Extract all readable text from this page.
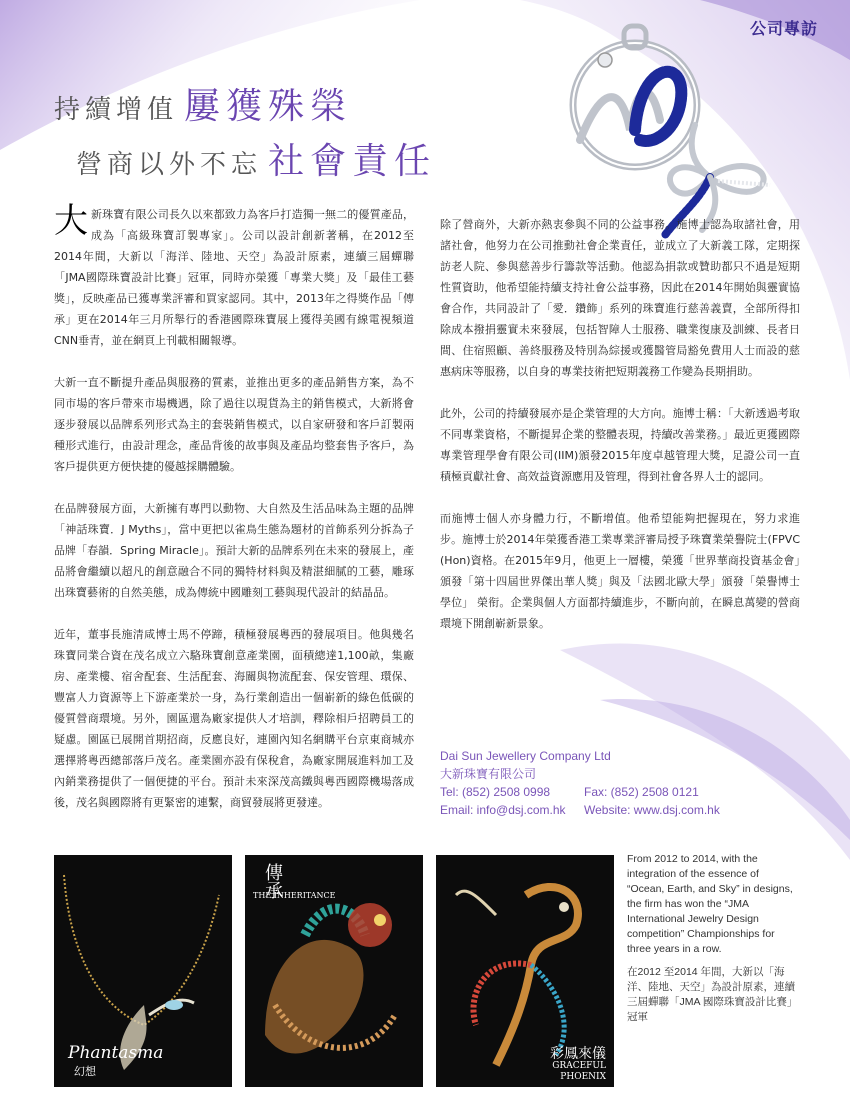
公司專訪
持續增值 屢獲殊榮
營商以外不忘 社會責任

大新珠寶有限公司長久以來都致力為客戶打造獨一無二的優質產品，成為「高級珠寶訂製專家」。公司以設計創新著稱，在2012至2014年間，大新以「海洋、陸地、天空」為設計原素，連續三屆蟬聯「JMA國際珠寶設計比賽」冠軍，同時亦榮獲「專業大獎」及「最佳工藝獎」，反映產品已獲專業評審和買家認同。其中，2013年之得獎作品「傳承」更在2014年三月所舉行的香港國際珠寶展上獲得美國有線電視頻道CNN垂青，並在網頁上刊載相關報導。

大新一直不斷提升產品與服務的質素，並推出更多的產品銷售方案，為不同市場的客戶帶來市場機遇，除了過往以現貨為主的銷售模式，大新將會逐步發展以品牌系列形式為主的套裝銷售模式，以自家研發和客戶訂製兩種形式進行，由設計理念，產品背後的故事與及產品均整套售予客戶，為客戶提供更方便快捷的優越採購體驗。

在品牌發展方面，大新擁有專門以動物、大自然及生活品味為主題的品牌「神話珠寶．J Myths」，當中更把以雀鳥生態為題材的首飾系列分拆為子品牌「春韻．Spring Miracle」。預計大新的品牌系列在未來的發展上，產品將會繼續以超凡的創意融合不同的獨特材料與及精湛細膩的工藝，雕琢出珠寶藝術的自然美態，成為傳統中國雕刻工藝與現代設計的結晶品。

近年，董事長施清咸博士馬不停蹄，積極發展粵西的發展項目。他與幾名珠寶同業合資在茂名成立六駱珠寶創意產業園，面積總達1,100畝，集廠房、產業樓、宿舍配套、生活配套、海關與物流配套、保安管理、環保、豐富人力資源等上下游產業於一身，為行業創造出一個嶄新的綠色低碳的優質營商環境。另外，園區還為廠家提供人才培訓，釋除相戶招聘員工的疑慮。園區已展開首期招商，反應良好，連園內知名網購平台京東商城亦選擇將粵西總部落戶茂名。產業園亦設有保稅倉，為廠家開展進料加工及內銷業務提供了一個便捷的平台。預計未來深茂高鐵與粵西國際機場落成後，茂名與國際將有更緊密的連繫，商貿發展將更發達。

除了營商外，大新亦熱衷參與不同的公益事務。施博士認為取諸社會，用諸社會，他努力在公司推動社會企業責任，並成立了大新義工隊，定期探訪老人院、參與慈善步行籌款等活動。他認為捐款或贊助都只不過是短期性質資助，他希望能持續支持社會公益事務，因此在2014年開始與靈實協會合作，共同設計了「愛．鑽飾」系列的珠寶進行慈善義賣，全部所得扣除成本撥捐靈實未來發展，包括智障人士服務、職業復康及訓練、長者日間、住宿照顧、善終服務及特別為綜援或獲醫管局豁免費用人士而設的慈惠病床等服務，以自身的專業技術把短期義務工作變為長期捐助。

此外，公司的持續發展亦是企業管理的大方向。施博士稱：「大新透過考取不同專業資格，不斷提昇企業的整體表現，持續改善業務。」最近更獲國際專業管理學會有限公司(IIM)頒發2015年度卓越管理大獎，足證公司一直積極貢獻社會、高效益資源應用及管理，得到社會各界人士的認同。

而施博士個人亦身體力行，不斷增值。他希望能夠把握現在，努力求進步。施博士於2014年榮獲香港工業專業評審局授予珠寶業榮譽院士(FPVC (Hon)資格。在2015年9月，他更上一層樓，榮獲「世界華商投資基金會」頒發「第十四屆世界傑出華人獎」與及「法國北歐大學」頒發「榮譽博士學位」 榮衔。企業與個人方面都持續進步，不斷向前，在瞬息萬變的營商環境下開創嶄新景象。

Dai Sun Jewellery Company Ltd
大新珠寶有限公司
Tel: (852) 2508 0998	Fax: (852) 2508 0121
Email: info@dsj.com.hk	Website: www.dsj.com.hk
Phantasma
幻想
傳承
THE INHERITANCE
彩鳳來儀
GRACEFUL PHOENIX

From 2012 to 2014, with the integration of the essence of “Ocean, Earth, and Sky” in designs, the firm has won the “JMA International Jewelry Design competition” Championships for three years in a row.

在2012 至2014 年間，大新以「海洋、陸地、天空」為設計原素，連續三屆蟬聯「JMA 國際珠寶設計比賽」冠軍
